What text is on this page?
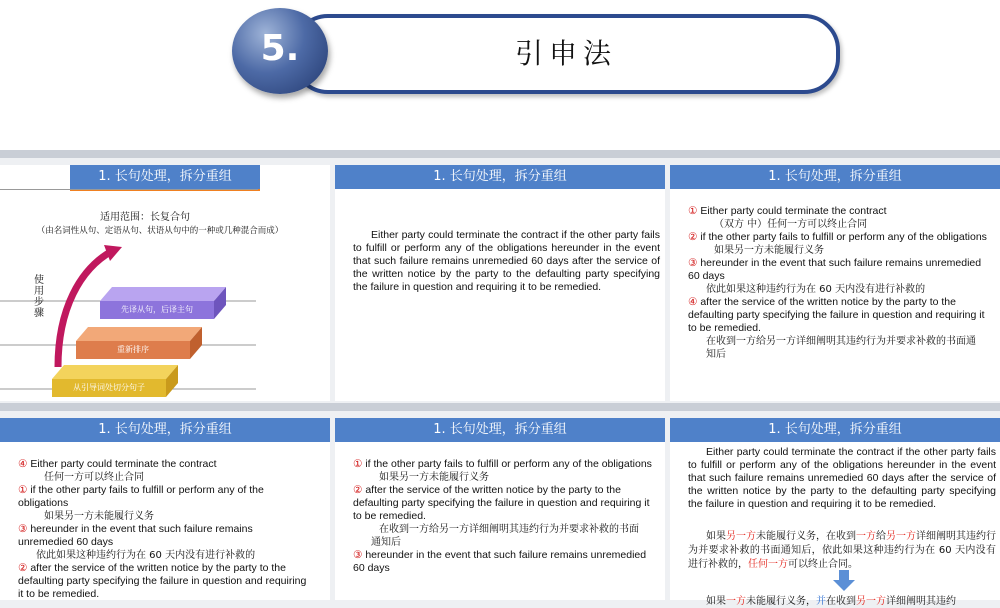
引申法
5.
1. 长句处理，拆分重组
适用范围：长复合句
（由名词性从句、定语从句、状语从句中的一种或几种混合而成）
使用步骤	先译从句，后译主句
重新排序
从引导词处切分句子
1. 长句处理，拆分重组
Either party could terminate the contract if the other party fails to fulfill or perform any of the obligations hereunder in the event that such failure remains unremedied 60 days after the service of the written notice by the party to the defaulting party specifying the failure in question and requiring it to be remedied.
1. 长句处理，拆分重组
① Either party could terminate the contract
（双方 中）任何一方可以终止合同
② if the other party fails to fulfill or perform any of the obligations
如果另一方未能履行义务
③ hereunder in the event that such failure remains unremedied 60 days
依此如果这种违约行为在 60 天内没有进行补救的
④ after the service of the written notice by the party to the defaulting party specifying the failure in question and requiring it to be remedied.
在收到一方给另一方详细阐明其违约行为并要求补救的书面通
知后
1. 长句处理，拆分重组
④ Either party could terminate the contract
任何一方可以终止合同
① if the other party fails to fulfill or perform any of the obligations
如果另一方未能履行义务
③ hereunder in the event that such failure remains unremedied 60 days
依此如果这种违约行为在 60 天内没有进行补救的
② after the service of the written notice by the party to the defaulting party specifying the failure in question and requiring it to be remedied.
1. 长句处理，拆分重组
① if the other party fails to fulfill or perform any of the obligations
如果另一方未能履行义务
② after the service of the written notice by the party to the defaulting party specifying the failure in question and requiring it to be remedied.
在收到一方给另一方详细阐明其违约行为并要求补救的书面
通知后
③ hereunder in the event that such failure remains unremedied 60 days
1. 长句处理，拆分重组
Either party could terminate the contract if the other party fails to fulfill or perform any of the obligations hereunder in the event that such failure remains unremedied 60 days after the service of the written notice by the party to the defaulting party specifying the failure in question and requiring it to be remedied.
如果另一方未能履行义务，在收到一方给另一方详细阐明其违约行为并要求补救的书面通知后，依此如果这种违约行为在 60 天内没有进行补救的，任何一方可以终止合同。
如果一方未能履行义务，并在收到另一方详细阐明其违约
